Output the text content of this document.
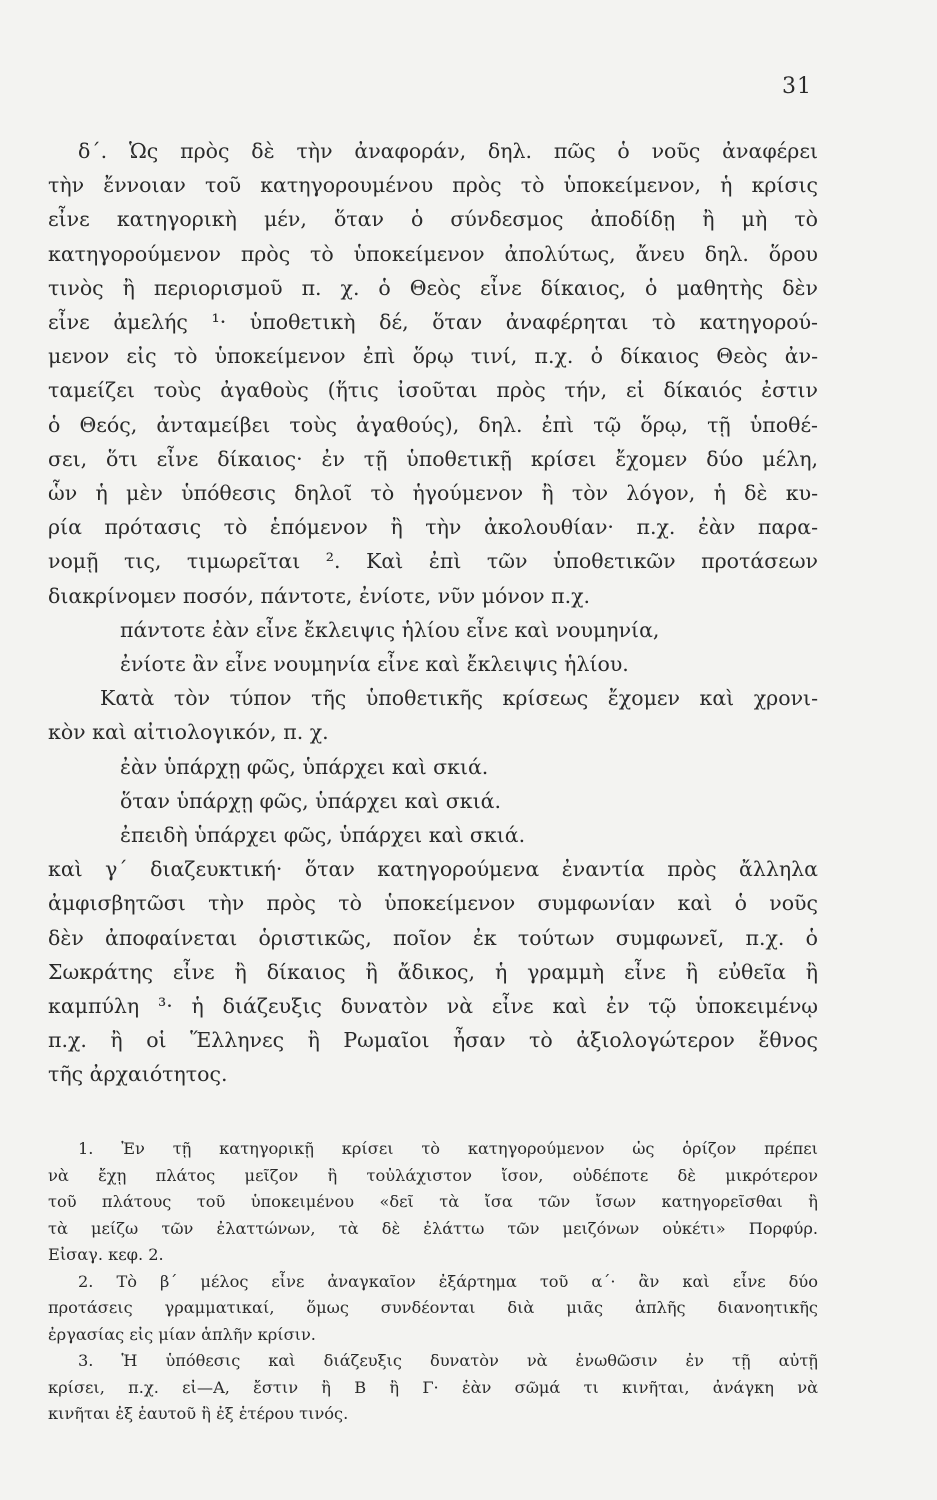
31
δ΄. Ὡς πρὸς δὲ τὴν ἀναφοράν, δηλ. πῶς ὁ νοῦς ἀναφέρει
τὴν ἔννοιαν τοῦ κατηγορουμένου πρὸς τὸ ὑποκείμενον, ἡ κρίσις
εἶνε κατηγορικὴ μέν, ὅταν ὁ σύνδεσμος ἀποδίδῃ ἢ μὴ τὸ
κατηγορούμενον πρὸς τὸ ὑποκείμενον ἀπολύτως, ἄνευ δηλ. ὅρου
τινὸς ἢ περιορισμοῦ π. χ. ὁ Θεὸς εἶνε δίκαιος, ὁ μαθητὴς δὲν
εἶνε ἀμελής ¹· ὑποθετικὴ δέ, ὅταν ἀναφέρηται τὸ κατηγορού-
μενον εἰς τὸ ὑποκείμενον ἐπὶ ὅρῳ τινί, π.χ. ὁ δίκαιος Θεὸς ἀν-
ταμείζει τοὺς ἀγαθοὺς (ἥτις ἰσοῦται πρὸς τήν, εἰ δίκαιός ἐστιν
ὁ Θεός, ἀνταμείβει τοὺς ἀγαθούς), δηλ. ἐπὶ τῷ ὅρῳ, τῇ ὑποθέ-
σει, ὅτι εἶνε δίκαιος· ἐν τῇ ὑποθετικῇ κρίσει ἔχομεν δύο μέλη,
ὧν ἡ μὲν ὑπόθεσις δηλοῖ τὸ ἡγούμενον ἢ τὸν λόγον, ἡ δὲ κυ-
ρία πρότασις τὸ ἑπόμενον ἢ τὴν ἀκολουθίαν· π.χ. ἐὰν παρα-
νομῇ τις, τιμωρεῖται ². Καὶ ἐπὶ τῶν ὑποθετικῶν προτάσεων
διακρίνομεν ποσόν, πάντοτε, ἐνίοτε, νῦν μόνον π.χ.
πάντοτε ἐὰν εἶνε ἔκλειψις ἡλίου εἶνε καὶ νουμηνία,
ἐνίοτε ἂν εἶνε νουμηνία εἶνε καὶ ἔκλειψις ἡλίου.
Κατὰ τὸν τύπον τῆς ὑποθετικῆς κρίσεως ἔχομεν καὶ χρονι-
κὸν καὶ αἰτιολογικόν, π. χ.
ἐὰν ὑπάρχῃ φῶς, ὑπάρχει καὶ σκιά.
ὅταν ὑπάρχῃ φῶς, ὑπάρχει καὶ σκιά.
ἐπειδὴ ὑπάρχει φῶς, ὑπάρχει καὶ σκιά.
καὶ γ΄ διαζευκτική· ὅταν κατηγορούμενα ἐναντία πρὸς ἄλληλα
ἀμφισβητῶσι τὴν πρὸς τὸ ὑποκείμενον συμφωνίαν καὶ ὁ νοῦς
δὲν ἀποφαίνεται ὁριστικῶς, ποῖον ἐκ τούτων συμφωνεῖ, π.χ. ὁ
Σωκράτης εἶνε ἢ δίκαιος ἢ ἄδικος, ἡ γραμμὴ εἶνε ἢ εὐθεῖα ἢ
καμπύλη ³· ἡ διάζευξις δυνατὸν νὰ εἶνε καὶ ἐν τῷ ὑποκειμένῳ
π.χ. ἢ οἱ Ἕλληνες ἢ Ρωμαῖοι ἦσαν τὸ ἀξιολογώτερον ἔθνος
τῆς ἀρχαιότητος.
1. Ἐν τῇ κατηγορικῇ κρίσει τὸ κατηγορούμενον ὡς ὁρίζον πρέπει
νὰ ἔχῃ πλάτος μεῖζον ἢ τοὐλάχιστον ἴσον, οὐδέποτε δὲ μικρότερον
τοῦ πλάτους τοῦ ὑποκειμένου «δεῖ τὰ ἴσα τῶν ἴσων κατηγορεῖσθαι ἢ
τὰ μείζω τῶν ἐλαττώνων, τὰ δὲ ἐλάττω τῶν μειζόνων οὐκέτι» Πορφύρ.
Εἰσαγ. κεφ. 2.
2. Τὸ β΄ μέλος εἶνε ἀναγκαῖον ἐξάρτημα τοῦ α΄· ἂν καὶ εἶνε δύο
προτάσεις γραμματικαί, ὅμως συνδέονται διὰ μιᾶς ἁπλῆς διανοητικῆς
ἐργασίας εἰς μίαν ἁπλῆν κρίσιν.
3. Ἡ ὑπόθεσις καὶ διάζευξις δυνατὸν νὰ ἑνωθῶσιν ἐν τῇ αὐτῇ
κρίσει, π.χ. εἰ—Α, ἔστιν ἢ Β ἢ Γ· ἐὰν σῶμά τι κινῆται, ἀνάγκη νὰ
κινῆται ἐξ ἑαυτοῦ ἢ ἐξ ἑτέρου τινός.
